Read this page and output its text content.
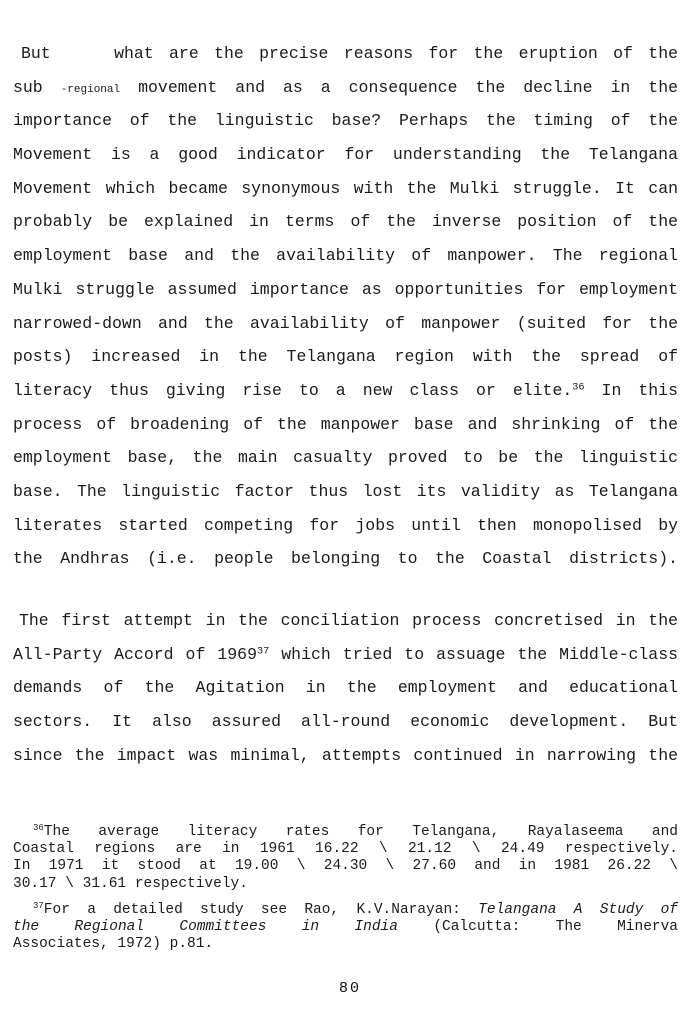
But	what are the precise reasons for the eruption of the
sub -regional movement and as a consequence the decline in the
importance of the linguistic base? Perhaps the timing of the
Movement is a good indicator for understanding the Telangana
Movement which became synonymous with the Mulki struggle. It can
probably be explained in terms of the inverse position of the
employment base and the availability of manpower. The regional
Mulki struggle assumed importance as opportunities for employment
narrowed-down and the availability of manpower (suited for the
posts) increased in the Telangana region with the spread of
literacy thus giving rise to a new class or elite.$^{36}$ In this
process of broadening of the manpower base and shrinking of the
employment base, the main casualty proved to be the linguistic
base. The linguistic factor thus lost its validity as Telangana
literates started competing for jobs until then monopolised by
the Andhras (i.e. people belonging to the Coastal districts).
The first attempt in the conciliation process concretised in the
All-Party Accord of 1969$^{37}$ which tried to assuage the Middle-class
demands of the Agitation in the employment and educational
sectors. It also assured all-round economic development. But
since the impact was minimal, attempts continued in narrowing the
$^{36}$The average literacy rates for Telangana, Rayalaseema and
Coastal regions are in 1961 16.22 \ 21.12 \ 24.49 respectively.
In 1971 it stood at 19.00 \ 24.30 \ 27.60 and in 1981 26.22 \
30.17 \ 31.61 respectively.
$^{37}$For a detailed study see Rao, K.V.Narayan: Telangana A Study of
the Regional Committees in India (Calcutta: The Minerva
Associates, 1972) p.81.
80
